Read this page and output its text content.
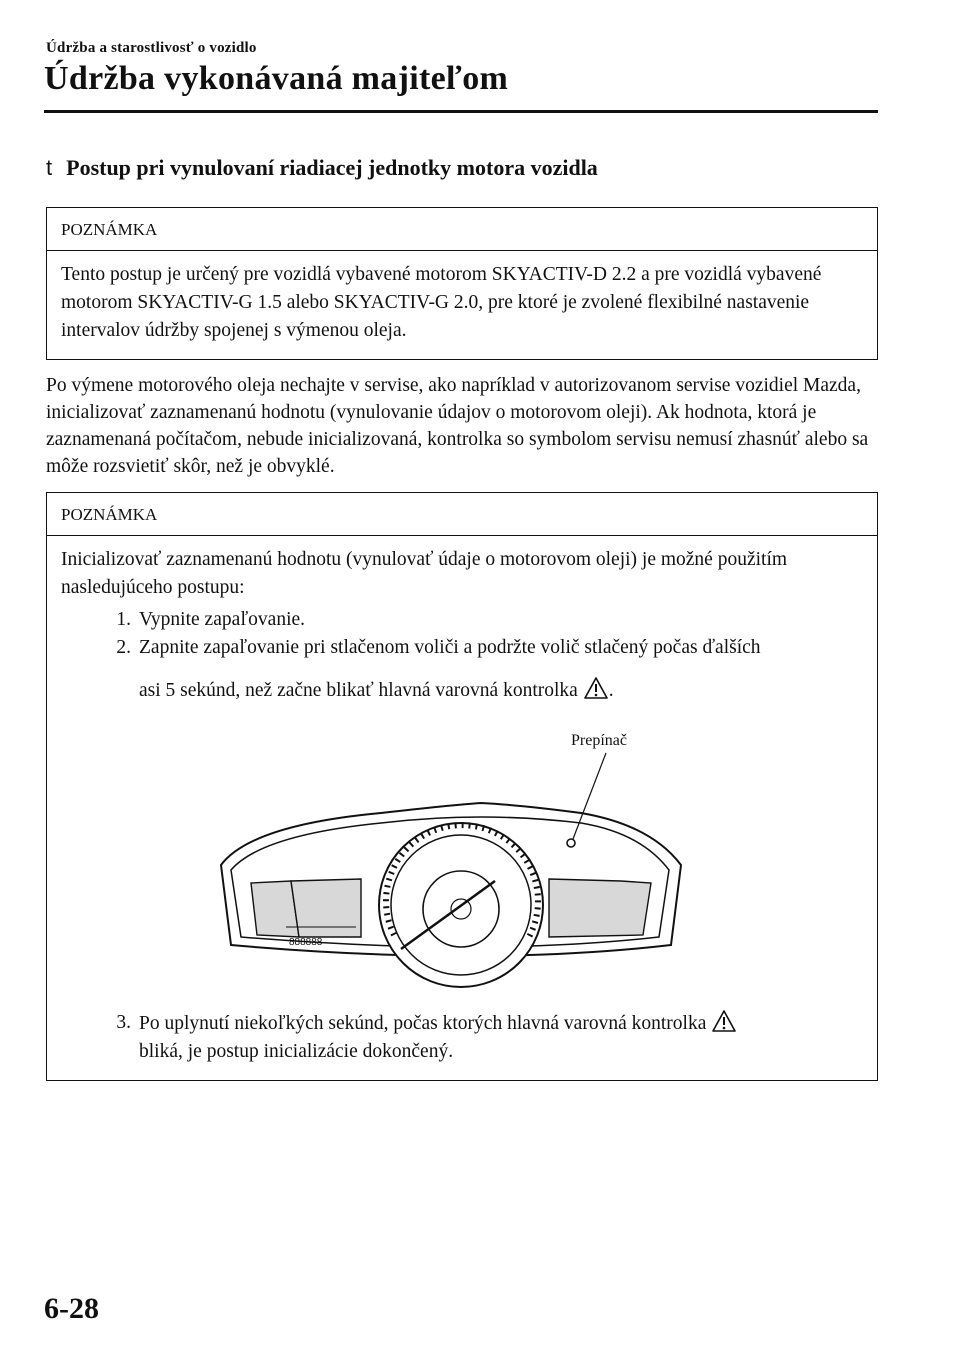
Údržba a starostlivosť o vozidlo
Údržba vykonávaná majiteľom
t Postup pri vynulovaní riadiacej jednotky motora vozidla
POZNÁMKA
Tento postup je určený pre vozidlá vybavené motorom SKYACTIV-D 2.2 a pre vozidlá vybavené motorom SKYACTIV-G 1.5 alebo SKYACTIV-G 2.0, pre ktoré je zvolené flexibilné nastavenie intervalov údržby spojenej s výmenou oleja.
Po výmene motorového oleja nechajte v servise, ako napríklad v autorizovanom servise vozidiel Mazda, inicializovať zaznamenanú hodnotu (vynulovanie údajov o motorovom oleji). Ak hodnota, ktorá je zaznamenaná počítačom, nebude inicializovaná, kontrolka so symbolom servisu nemusí zhasnúť alebo sa môže rozsvietiť skôr, než je obvyklé.
POZNÁMKA
Inicializovať zaznamenanú hodnotu (vynulovať údaje o motorovom oleji) je možné použitím nasledujúceho postupu:
1. Vypnite zapaľovanie.
2. Zapnite zapaľovanie pri stlačenom voliči a podržte volič stlačený počas ďalších
asi 5 sekúnd, než začne blikať hlavná varovná kontrolka .
888888
Prepínač
3. Po uplynutí niekoľkých sekúnd, počas ktorých hlavná varovná kontrolka
bliká, je postup inicializácie dokončený.
6-28
